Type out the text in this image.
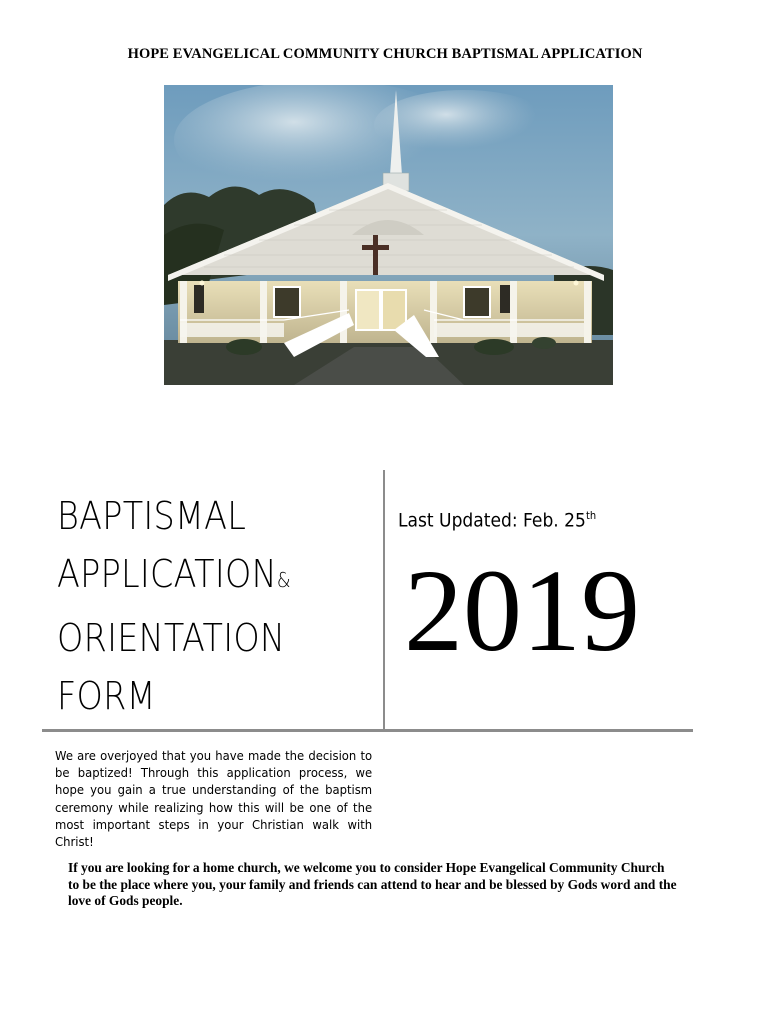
HOPE EVANGELICAL COMMUNITY CHURCH BAPTISMAL APPLICATION
BAPTISMAL
APPLICATION&
ORIENTATION
FORM
Last Updated: Feb. 25th
2019
We are overjoyed that you have made the decision to be baptized! Through this application process, we hope you gain a true understanding of the baptism ceremony while realizing how this will be one of the most important steps in your Christian walk with Christ!
If you are looking for a home church, we welcome you to consider Hope Evangelical Community Church to be the place where you, your family and friends can attend to hear and be blessed by Gods word and the love of Gods people.
